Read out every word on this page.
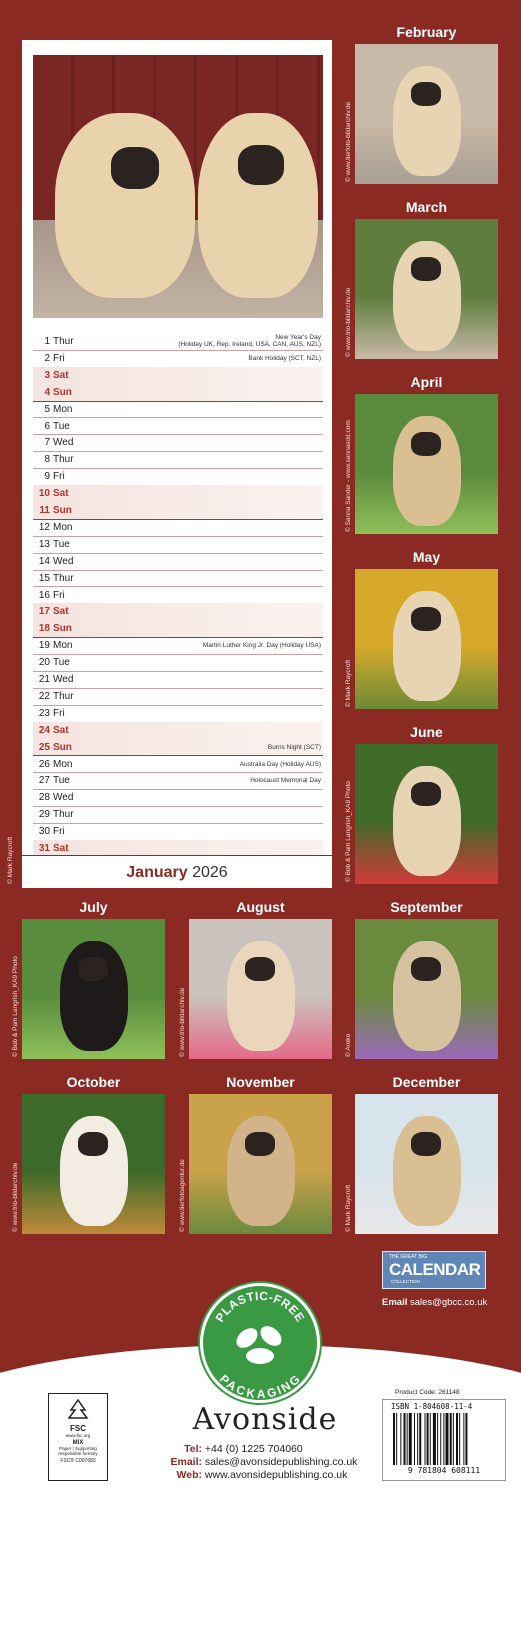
1 Thur	New Year's Day
(Holiday UK, Rep. Ireland, USA, CAN, AUS, NZL)
2 Fri	Bank Holiday (SCT, NZL)
3 Sat
4 Sun
5 Mon
6 Tue
7 Wed
8 Thur
9 Fri
10 Sat
11 Sun
12 Mon
13 Tue
14 Wed
15 Thur
16 Fri
17 Sat
18 Sun
19 Mon	Martin Luther King Jr. Day (Holiday USA)
20 Tue
21 Wed
22 Thur
23 Fri
24 Sat
25 Sun	Burns Night (SCT)
26 Mon	Australia Day (Holiday AUS)
27 Tue	Holocaust Memorial Day
28 Wed
29 Thur
30 Fri
31 Sat
January 2026
© Mark Raycroft
February
© www.tierfoto-bildarchiv.de
March
© www.trio-bildarchiv.de
April
© Sanna Sander - www.sannasdd.com
May
© Mark Raycroft
June
© Bob & Pam Langrish_KA9 Photo
July
© Bob & Pam Langrish_KA9 Photo
August
© www.trio-bildarchiv.de
September
© Aroko
October
© www.trio-bildarchiv.de
November
© www.tierfotoagentur.de
December
© Mark Raycroft
THE GREAT BIG
CALENDAR
COLLECTION
Email sales@gbcc.co.uk
PLASTIC-FREE
PACKAGING
FSC
www.fsc.org
MIX
Paper | Supporting responsible forestry
FSC® C007683
Avonside
Tel: +44 (0) 1225 704060
Email: sales@avonsidepublishing.co.uk
Web: www.avonsidepublishing.co.uk
Product Code: 261148
ISBN 1-804608-11-4
9 781804 608111
